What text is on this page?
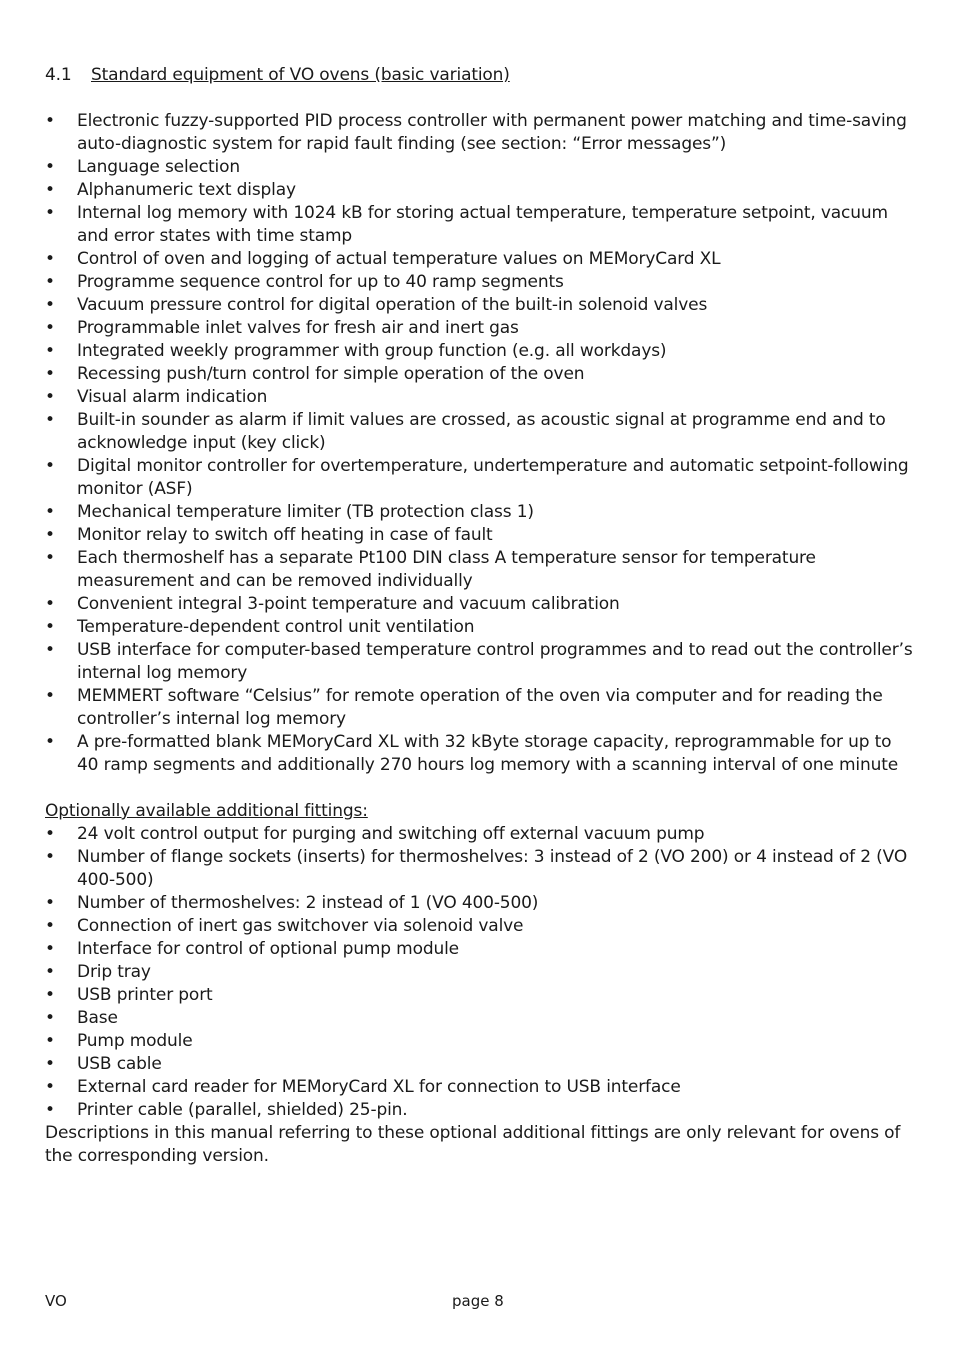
4.1 Standard equipment of VO ovens (basic variation)

•	Electronic fuzzy-supported PID process controller with permanent power matching and time-saving auto-diagnostic system for rapid fault finding (see section: “Error messages”)
•	Language selection
•	Alphanumeric text display
•	Internal log memory with 1024 kB for storing actual temperature, temperature setpoint, vacuum and error states with time stamp
•	Control of oven and logging of actual temperature values on MEMoryCard XL
•	Programme sequence control for up to 40 ramp segments
•	Vacuum pressure control for digital operation of the built-in solenoid valves
•	Programmable inlet valves for fresh air and inert gas
•	Integrated weekly programmer with group function (e.g. all workdays)
•	Recessing push/turn control for simple operation of the oven
•	Visual alarm indication
•	Built-in sounder as alarm if limit values are crossed, as acoustic signal at programme end and to acknowledge input (key click)
•	Digital monitor controller for overtemperature, undertemperature and automatic setpoint-following monitor (ASF)
•	Mechanical temperature limiter (TB protection class 1)
•	Monitor relay to switch off heating in case of fault
•	Each thermoshelf has a separate Pt100 DIN class A temperature sensor for temperature measurement and can be removed individually
•	Convenient integral 3-point temperature and vacuum calibration
•	Temperature-dependent control unit ventilation
•	USB interface for computer-based temperature control programmes and to read out the controller’s internal log memory
•	MEMMERT software “Celsius” for remote operation of the oven via computer and for reading the controller’s internal log memory
•	A pre-formatted blank MEMoryCard XL with 32 kByte storage capacity, reprogrammable for up to 40 ramp segments and additionally 270 hours log memory with a scanning interval of one minute

Optionally available additional fittings:

•	24 volt control output for purging and switching off external vacuum pump
•	Number of flange sockets (inserts) for thermoshelves: 3 instead of 2 (VO 200) or 4 instead of 2 (VO 400-500)
•	Number of thermoshelves: 2 instead of 1 (VO 400-500)
•	Connection of inert gas switchover via solenoid valve
•	Interface for control of optional pump module
•	Drip tray
•	USB printer port
•	Base
•	Pump module
•	USB cable
•	External card reader for MEMoryCard XL for connection to USB interface
•	Printer cable (parallel, shielded) 25-pin.

Descriptions in this manual referring to these optional additional fittings are only relevant for ovens of the corresponding version.

VO	page 8
